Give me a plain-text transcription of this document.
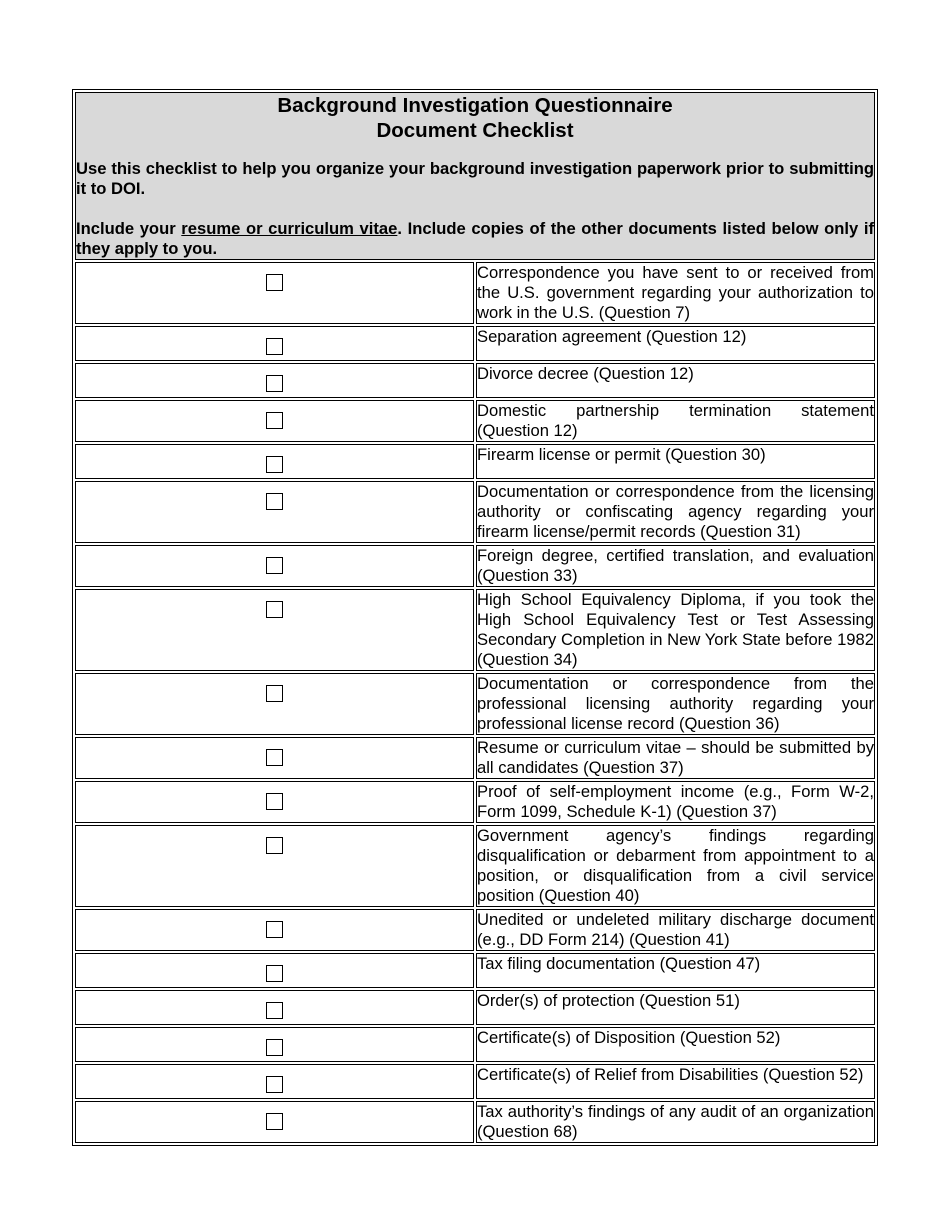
Background Investigation Questionnaire
Document Checklist

Use this checklist to help you organize your background investigation paperwork prior to submitting it to DOI.

Include your resume or curriculum vitae. Include copies of the other documents listed below only if they apply to you.	

	Correspondence you have sent to or received from the U.S. government regarding your authorization to work in the U.S. (Question 7)
	Separation agreement (Question 12)
	Divorce decree (Question 12)
	Domestic partnership termination statement (Question 12)
	Firearm license or permit (Question 30)
	Documentation or correspondence from the licensing authority or confiscating agency regarding your firearm license/permit records (Question 31)
	Foreign degree, certified translation, and evaluation (Question 33)
	High School Equivalency Diploma, if you took the High School Equivalency Test or Test Assessing Secondary Completion in New York State before 1982 (Question 34)
	Documentation or correspondence from the professional licensing authority regarding your professional license record (Question 36)
	Resume or curriculum vitae – should be submitted by all candidates (Question 37)
	Proof of self-employment income (e.g., Form W-2, Form 1099, Schedule K-1) (Question 37)
	Government agency’s findings regarding disqualification or debarment from appointment to a position, or disqualification from a civil service position (Question 40)
	Unedited or undeleted military discharge document (e.g., DD Form 214) (Question 41)
	Tax filing documentation (Question 47)
	Order(s) of protection (Question 51)
	Certificate(s) of Disposition (Question 52)
	Certificate(s) of Relief from Disabilities (Question 52)
	Tax authority’s findings of any audit of an organization (Question 68)
